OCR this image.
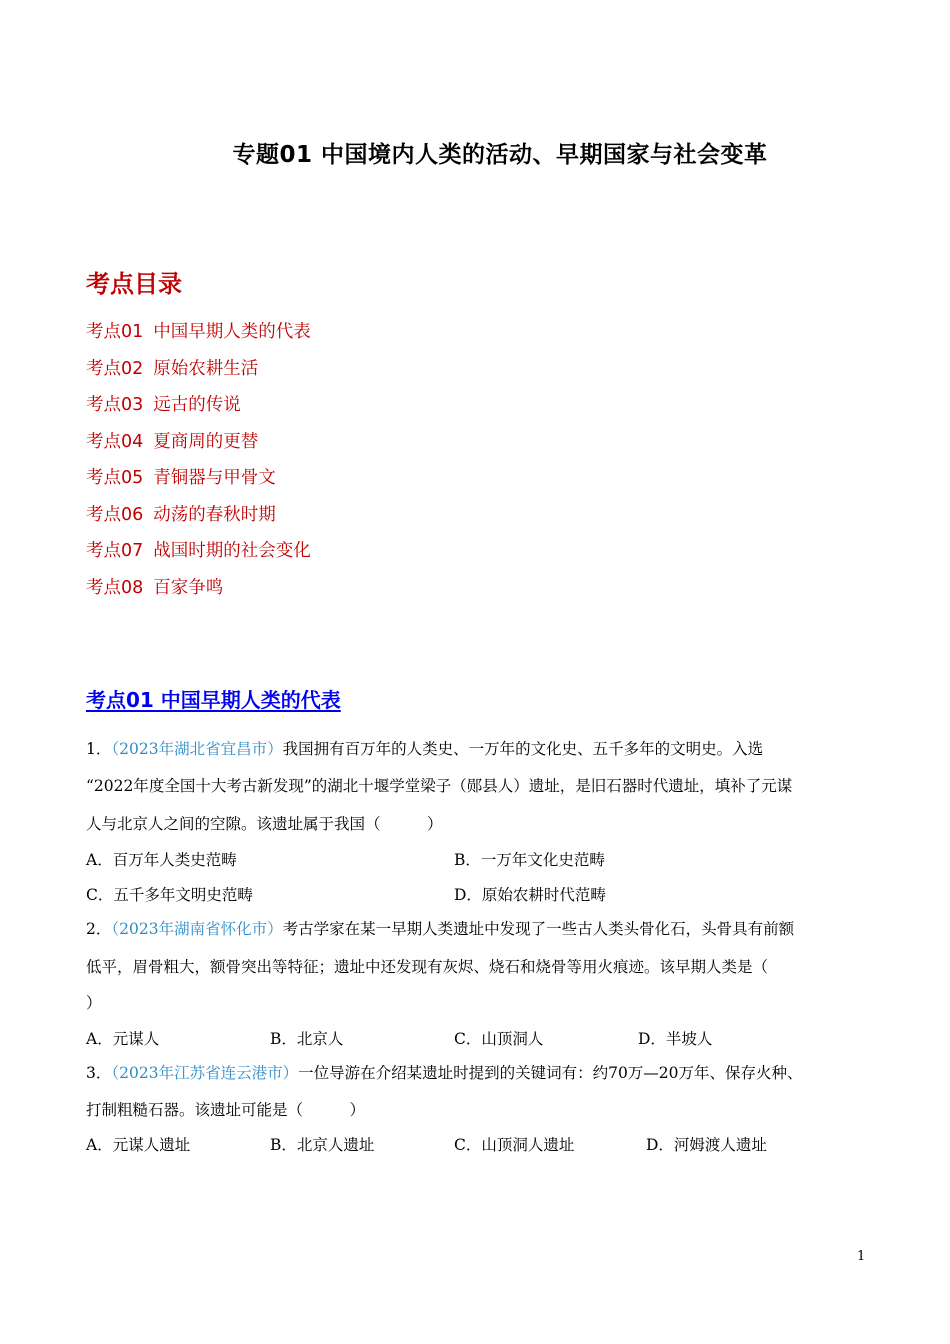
专题01 中国境内人类的活动、早期国家与社会变革
考点目录
考点01 中国早期人类的代表
考点02 原始农耕生活
考点03 远古的传说
考点04 夏商周的更替
考点05 青铜器与甲骨文
考点06 动荡的春秋时期
考点07 战国时期的社会变化
考点08 百家争鸣
考点01 中国早期人类的代表
1．（2023年湖北省宜昌市）我国拥有百万年的人类史、一万年的文化史、五千多年的文明史。入选
“2022年度全国十大考古新发现”的湖北十堰学堂梁子（郧县人）遗址，是旧石器时代遗址，填补了元谋
人与北京人之间的空隙。该遗址属于我国（　　　）
A．百万年人类史范畴	B．一万年文化史范畴
C．五千多年文明史范畴	D．原始农耕时代范畴
2．（2023年湖南省怀化市）考古学家在某一早期人类遗址中发现了一些古人类头骨化石，头骨具有前额
低平，眉骨粗大，额骨突出等特征；遗址中还发现有灰烬、烧石和烧骨等用火痕迹。该早期人类是（
）
A．元谋人	B．北京人	C．山顶洞人	D．半坡人
3．（2023年江苏省连云港市）一位导游在介绍某遗址时提到的关键词有：约70万—20万年、保存火种、
打制粗糙石器。该遗址可能是（　　　）
A．元谋人遗址	B．北京人遗址	C．山顶洞人遗址	D．河姆渡人遗址
1
